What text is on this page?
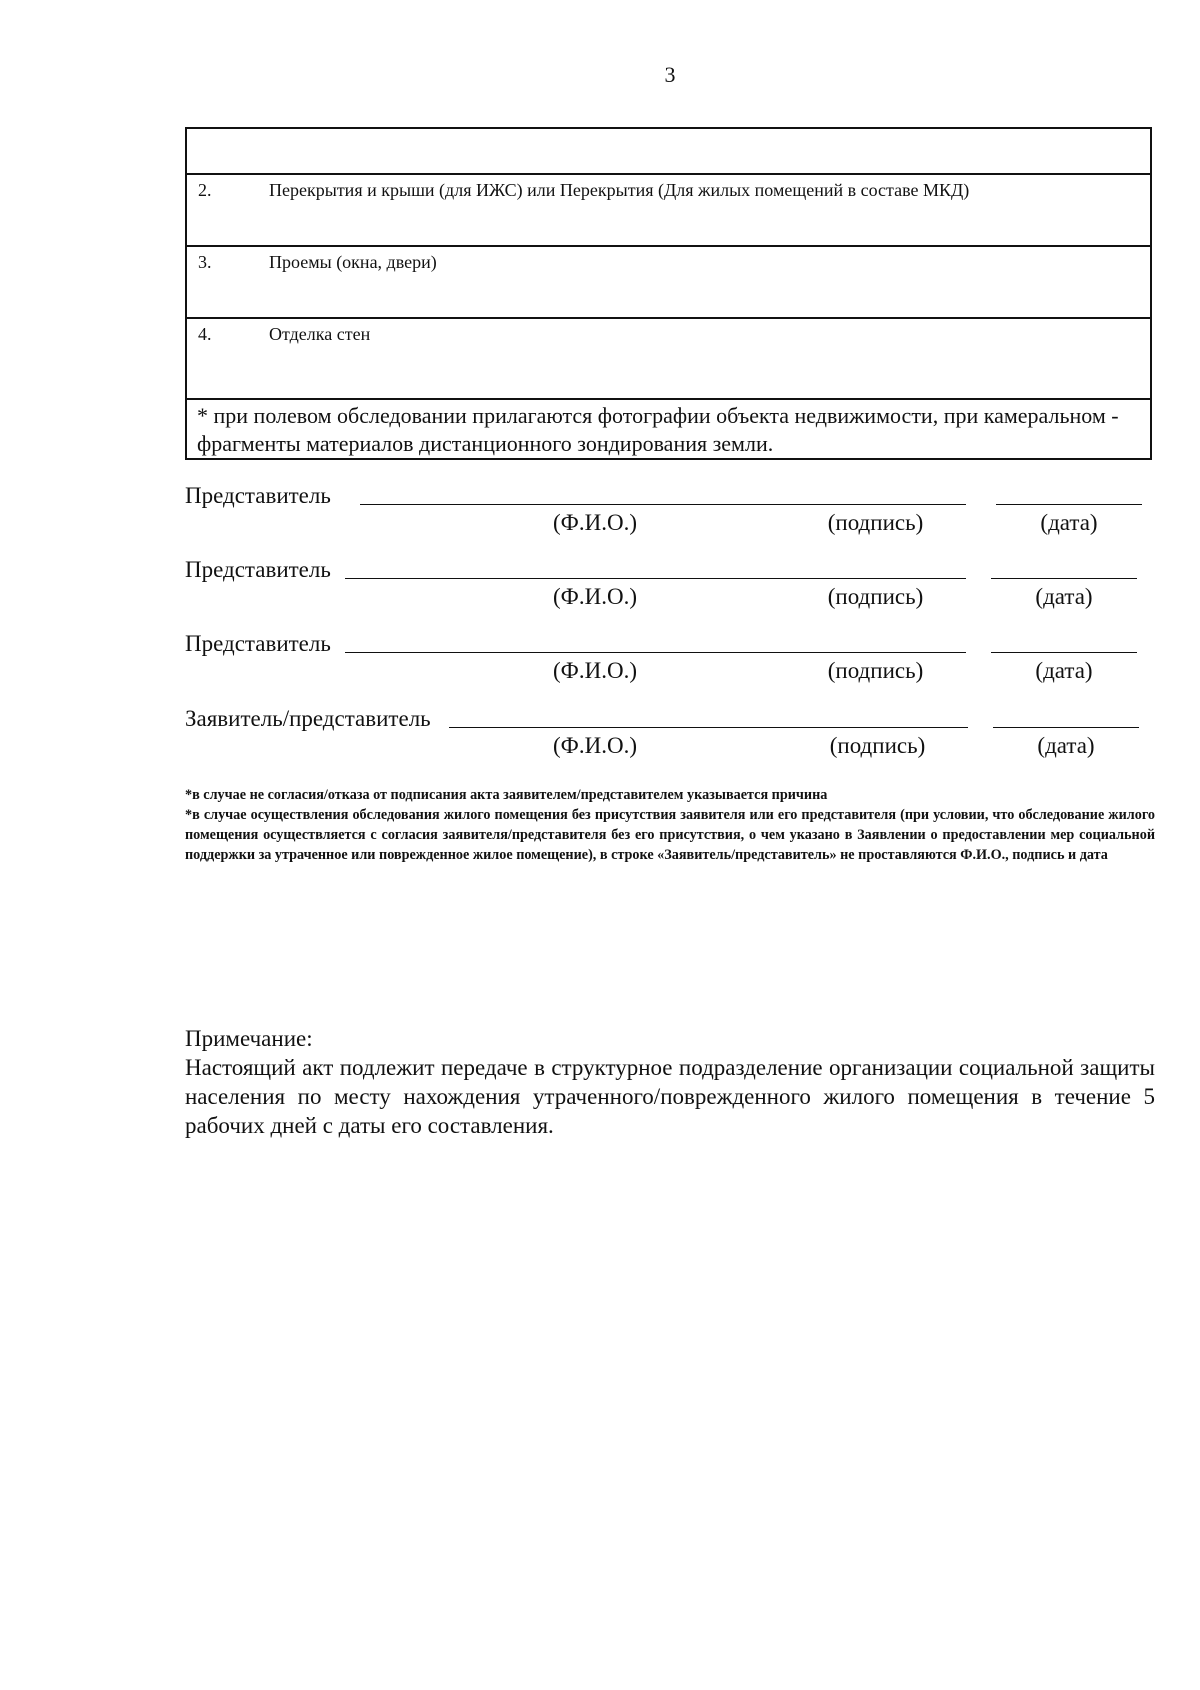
3

2.	Перекрытия и крыши (для ИЖС) или Перекрытия (Для жилых помещений в составе МКД)

3.	Проемы (окна, двери)

4.	Отделка стен

* при полевом обследовании прилагаются фотографии объекта недвижимости, при камеральном - фрагменты материалов дистанционного зондирования земли.
Представитель
(Ф.И.О.)	(подпись)	(дата)
Представитель
(Ф.И.О.)	(подпись)	(дата)
Представитель
(Ф.И.О.)	(подпись)	(дата)
Заявитель/представитель
(Ф.И.О.)	(подпись)	(дата)

*в случае не согласия/отказа от подписания акта заявителем/представителем указывается причина

*в случае осуществления обследования жилого помещения без присутствия заявителя или его представителя (при условии, что обследование жилого помещения осуществляется с согласия заявителя/представителя без его присутствия, о чем указано в Заявлении о предоставлении мер социальной поддержки за утраченное или поврежденное жилое помещение), в строке «Заявитель/представитель» не проставляются Ф.И.О., подпись и дата

Примечание:

Настоящий акт подлежит передаче в структурное подразделение организации социальной защиты населения по месту нахождения утраченного/поврежденного жилого помещения в течение 5 рабочих дней с даты его составления.
